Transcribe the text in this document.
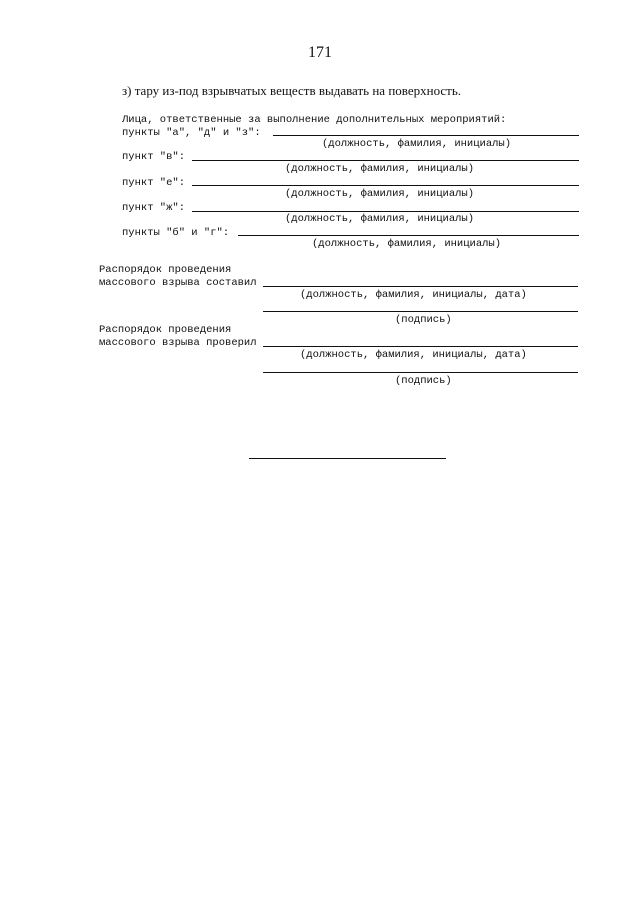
171
з) тару из-под взрывчатых веществ выдавать на поверхность.
Лица, ответственные за выполнение дополнительных мероприятий:
пункты "а", "д" и "з":
(должность, фамилия, инициалы)
пункт "в":
(должность, фамилия, инициалы)
пункт "е":
(должность, фамилия, инициалы)
пункт "ж":
(должность, фамилия, инициалы)
пункты "б" и "г":
(должность, фамилия, инициалы)
Распорядок проведения
массового взрыва составил
(должность, фамилия, инициалы, дата)
(подпись)
Распорядок проведения
массового взрыва проверил
(должность, фамилия, инициалы, дата)
(подпись)
